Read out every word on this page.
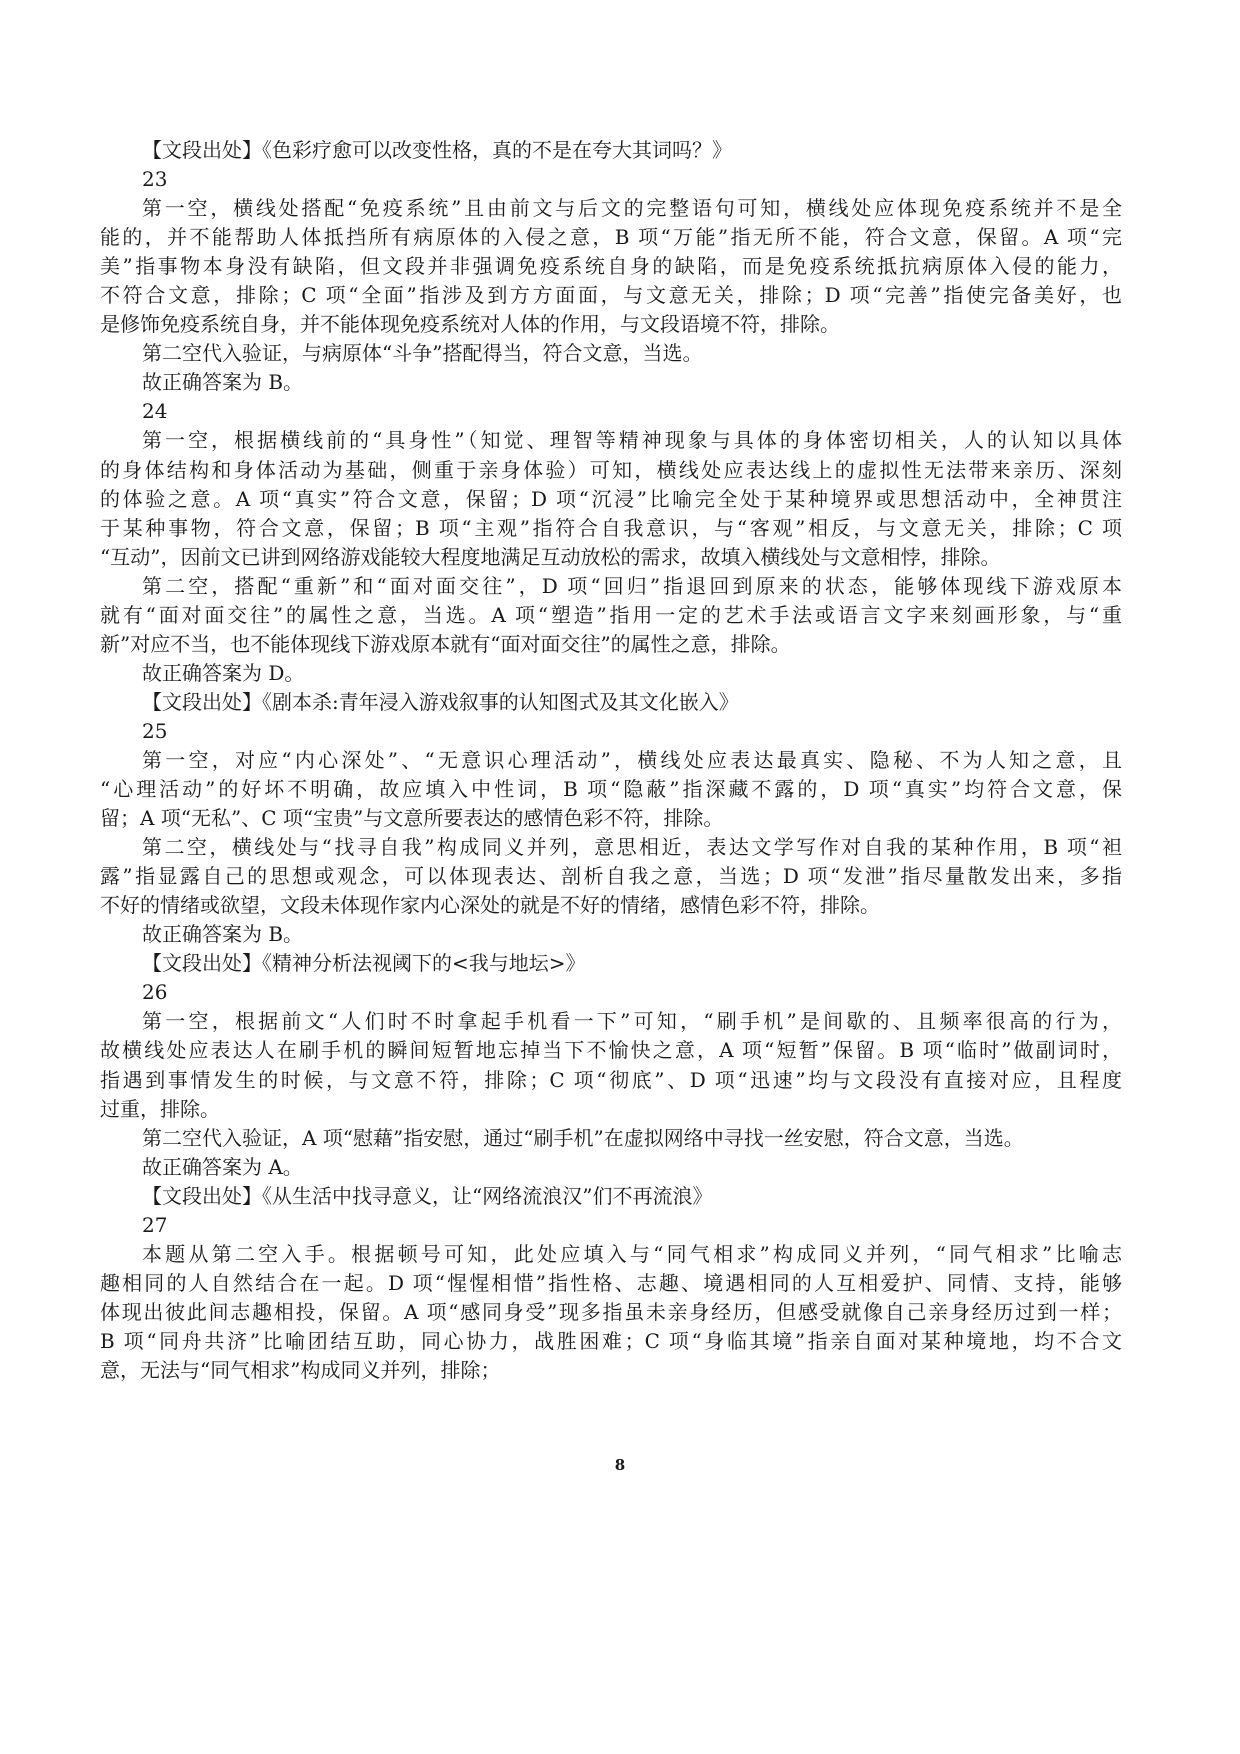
【文段出处】《色彩疗愈可以改变性格，真的不是在夸大其词吗？》
23
第一空，横线处搭配“免疫系统”且由前文与后文的完整语句可知，横线处应体现免疫系统并不是全
能的，并不能帮助人体抵挡所有病原体的入侵之意，B 项“万能”指无所不能，符合文意，保留。A 项“完
美”指事物本身没有缺陷，但文段并非强调免疫系统自身的缺陷，而是免疫系统抵抗病原体入侵的能力，
不符合文意，排除；C 项“全面”指涉及到方方面面，与文意无关，排除；D 项“完善”指使完备美好，也
是修饰免疫系统自身，并不能体现免疫系统对人体的作用，与文段语境不符，排除。
第二空代入验证，与病原体“斗争”搭配得当，符合文意，当选。
故正确答案为 B。
24
第一空，根据横线前的“具身性”（知觉、理智等精神现象与具体的身体密切相关，人的认知以具体
的身体结构和身体活动为基础，侧重于亲身体验）可知，横线处应表达线上的虚拟性无法带来亲历、深刻
的体验之意。A 项“真实”符合文意，保留；D 项“沉浸”比喻完全处于某种境界或思想活动中，全神贯注
于某种事物，符合文意，保留；B 项“主观”指符合自我意识，与“客观”相反，与文意无关，排除；C 项
“互动”，因前文已讲到网络游戏能较大程度地满足互动放松的需求，故填入横线处与文意相悖，排除。
第二空，搭配“重新”和“面对面交往”，D 项“回归”指退回到原来的状态，能够体现线下游戏原本
就有“面对面交往”的属性之意，当选。A 项“塑造”指用一定的艺术手法或语言文字来刻画形象，与“重
新”对应不当，也不能体现线下游戏原本就有“面对面交往”的属性之意，排除。
故正确答案为 D。
【文段出处】《剧本杀:青年浸入游戏叙事的认知图式及其文化嵌入》
25
第一空，对应“内心深处”、“无意识心理活动”，横线处应表达最真实、隐秘、不为人知之意，且
“心理活动”的好坏不明确，故应填入中性词，B 项“隐蔽”指深藏不露的，D 项“真实”均符合文意，保
留；A 项“无私”、C 项“宝贵”与文意所要表达的感情色彩不符，排除。
第二空，横线处与“找寻自我”构成同义并列，意思相近，表达文学写作对自我的某种作用，B 项“袒
露”指显露自己的思想或观念，可以体现表达、剖析自我之意，当选；D 项“发泄”指尽量散发出来，多指
不好的情绪或欲望，文段未体现作家内心深处的就是不好的情绪，感情色彩不符，排除。
故正确答案为 B。
【文段出处】《精神分析法视阈下的<我与地坛>》
26
第一空，根据前文“人们时不时拿起手机看一下”可知，“刷手机”是间歇的、且频率很高的行为，
故横线处应表达人在刷手机的瞬间短暂地忘掉当下不愉快之意，A 项“短暂”保留。B 项“临时”做副词时，
指遇到事情发生的时候，与文意不符，排除；C 项“彻底”、D 项“迅速”均与文段没有直接对应，且程度
过重，排除。
第二空代入验证，A 项“慰藉”指安慰，通过“刷手机”在虚拟网络中寻找一丝安慰，符合文意，当选。
故正确答案为 A。
【文段出处】《从生活中找寻意义，让“网络流浪汉”们不再流浪》
27
本题从第二空入手。根据顿号可知，此处应填入与“同气相求”构成同义并列，“同气相求”比喻志
趣相同的人自然结合在一起。D 项“惺惺相惜”指性格、志趣、境遇相同的人互相爱护、同情、支持，能够
体现出彼此间志趣相投，保留。A 项“感同身受”现多指虽未亲身经历，但感受就像自己亲身经历过到一样；
B 项“同舟共济”比喻团结互助，同心协力，战胜困难；C 项“身临其境”指亲自面对某种境地，均不合文
意，无法与“同气相求”构成同义并列，排除；
8
